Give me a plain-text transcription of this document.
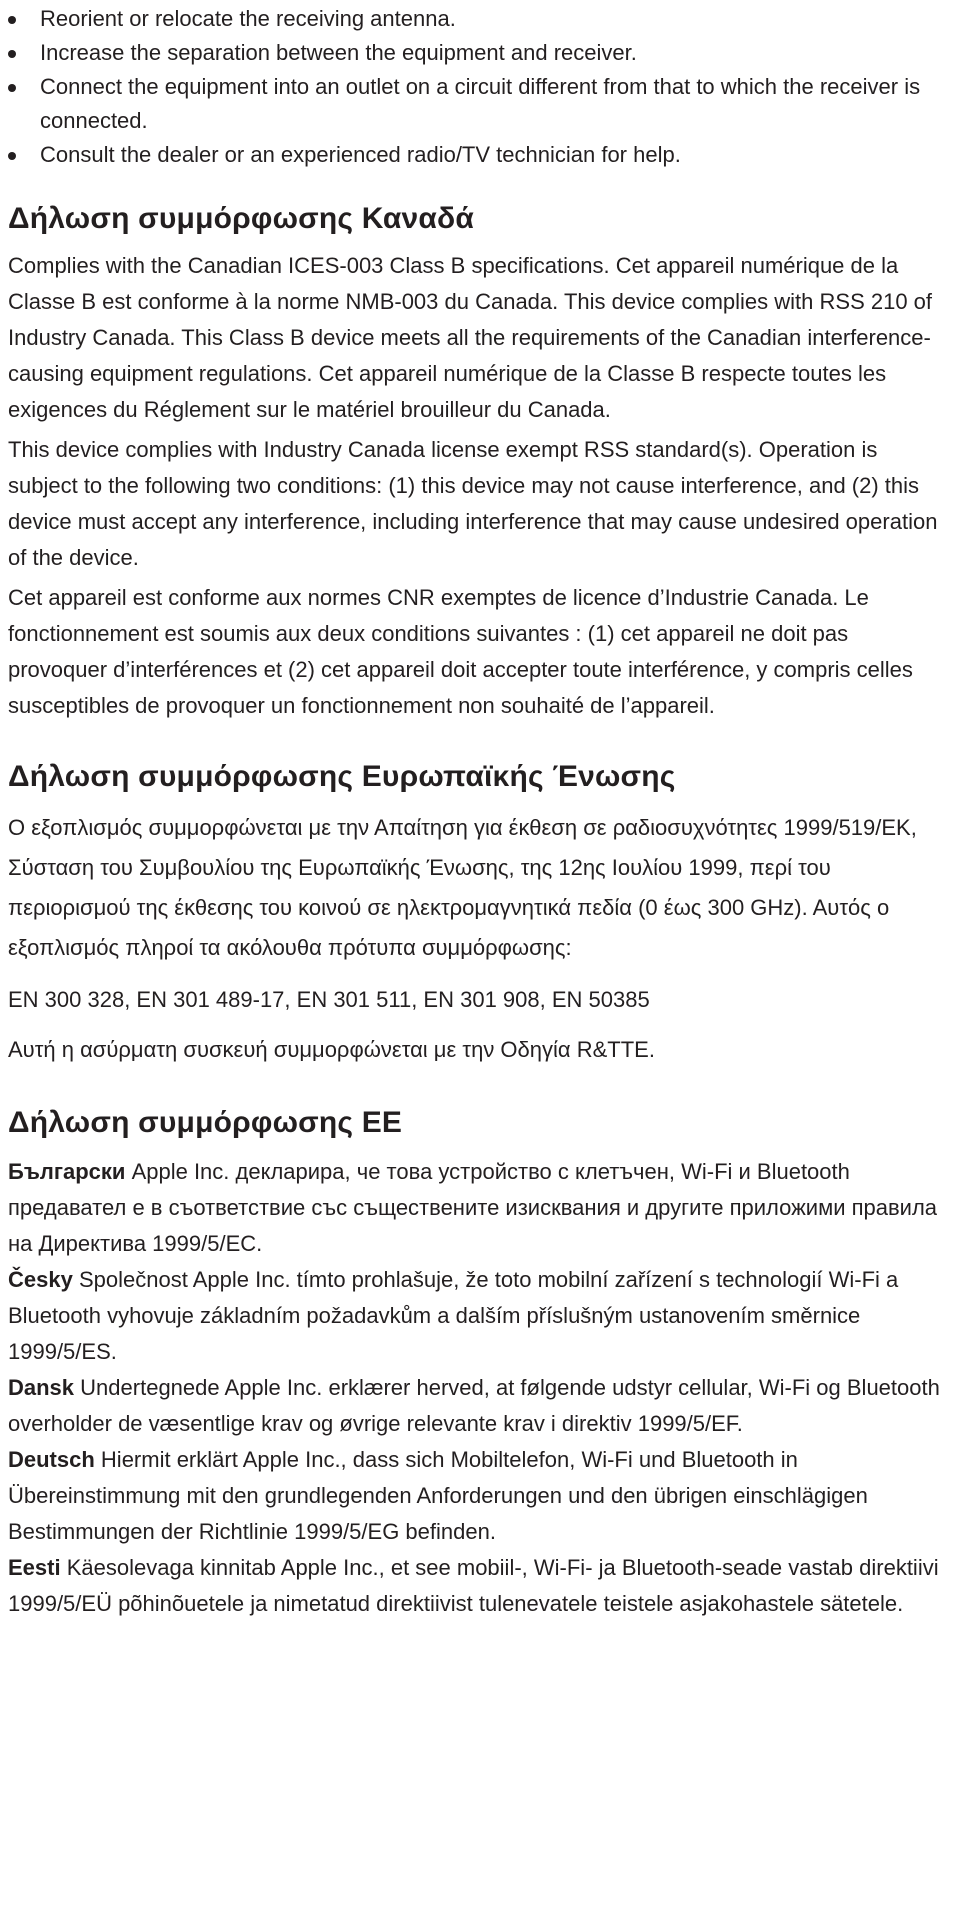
Reorient or relocate the receiving antenna.
Increase the separation between the equipment and receiver.
Connect the equipment into an outlet on a circuit different from that to which the receiver is connected.
Consult the dealer or an experienced radio/TV technician for help.
Δήλωση συμμόρφωσης Καναδά

Complies with the Canadian ICES-003 Class B specifications. Cet appareil numérique de la Classe B est conforme à la norme NMB-003 du Canada. This device complies with RSS 210 of Industry Canada. This Class B device meets all the requirements of the Canadian interference-causing equipment regulations. Cet appareil numérique de la Classe B respecte toutes les exigences du Réglement sur le matériel brouilleur du Canada.

This device complies with Industry Canada license exempt RSS standard(s). Operation is subject to the following two conditions: (1) this device may not cause interference, and (2) this device must accept any interference, including interference that may cause undesired operation of the device.

Cet appareil est conforme aux normes CNR exemptes de licence d’Industrie Canada. Le fonctionnement est soumis aux deux conditions suivantes : (1) cet appareil ne doit pas provoquer d’interférences et (2) cet appareil doit accepter toute interférence, y compris celles susceptibles de provoquer un fonctionnement non souhaité de l’appareil.

Δήλωση συμμόρφωσης Ευρωπαϊκής Ένωσης

Ο εξοπλισμός συμμορφώνεται με την Απαίτηση για έκθεση σε ραδιοσυχνότητες 1999/519/ΕΚ, Σύσταση του Συμβουλίου της Ευρωπαϊκής Ένωσης, της 12ης Ιουλίου 1999, περί του περιορισμού της έκθεσης του κοινού σε ηλεκτρομαγνητικά πεδία (0 έως 300 GHz). Αυτός ο εξοπλισμός πληροί τα ακόλουθα πρότυπα συμμόρφωσης:

EN 300 328, EN 301 489-17, EN 301 511, EN 301 908, EN 50385

Αυτή η ασύρματη συσκευή συμμορφώνεται με την Οδηγία R&TTE.

Δήλωση συμμόρφωσης ΕΕ

Български Apple Inc. декларира, че това устройство с клетъчен, Wi-Fi и Bluetooth предавател е в съответствие със съществените изисквания и другите приложими правила на Директива 1999/5/ЕС.

Česky Společnost Apple Inc. tímto prohlašuje, že toto mobilní zařízení s technologií Wi-Fi a Bluetooth vyhovuje základním požadavkům a dalším příslušným ustanovením směrnice 1999/5/ES.

Dansk Undertegnede Apple Inc. erklærer herved, at følgende udstyr cellular, Wi-Fi og Bluetooth overholder de væsentlige krav og øvrige relevante krav i direktiv 1999/5/EF.

Deutsch Hiermit erklärt Apple Inc., dass sich Mobiltelefon, Wi-Fi und Bluetooth in Übereinstimmung mit den grundlegenden Anforderungen und den übrigen einschlägigen Bestimmungen der Richtlinie 1999/5/EG befinden.

Eesti Käesolevaga kinnitab Apple Inc., et see mobiil-, Wi-Fi- ja Bluetooth-seade vastab direktiivi 1999/5/EÜ põhinõuetele ja nimetatud direktiivist tulenevatele teistele asjakohastele sätetele.
